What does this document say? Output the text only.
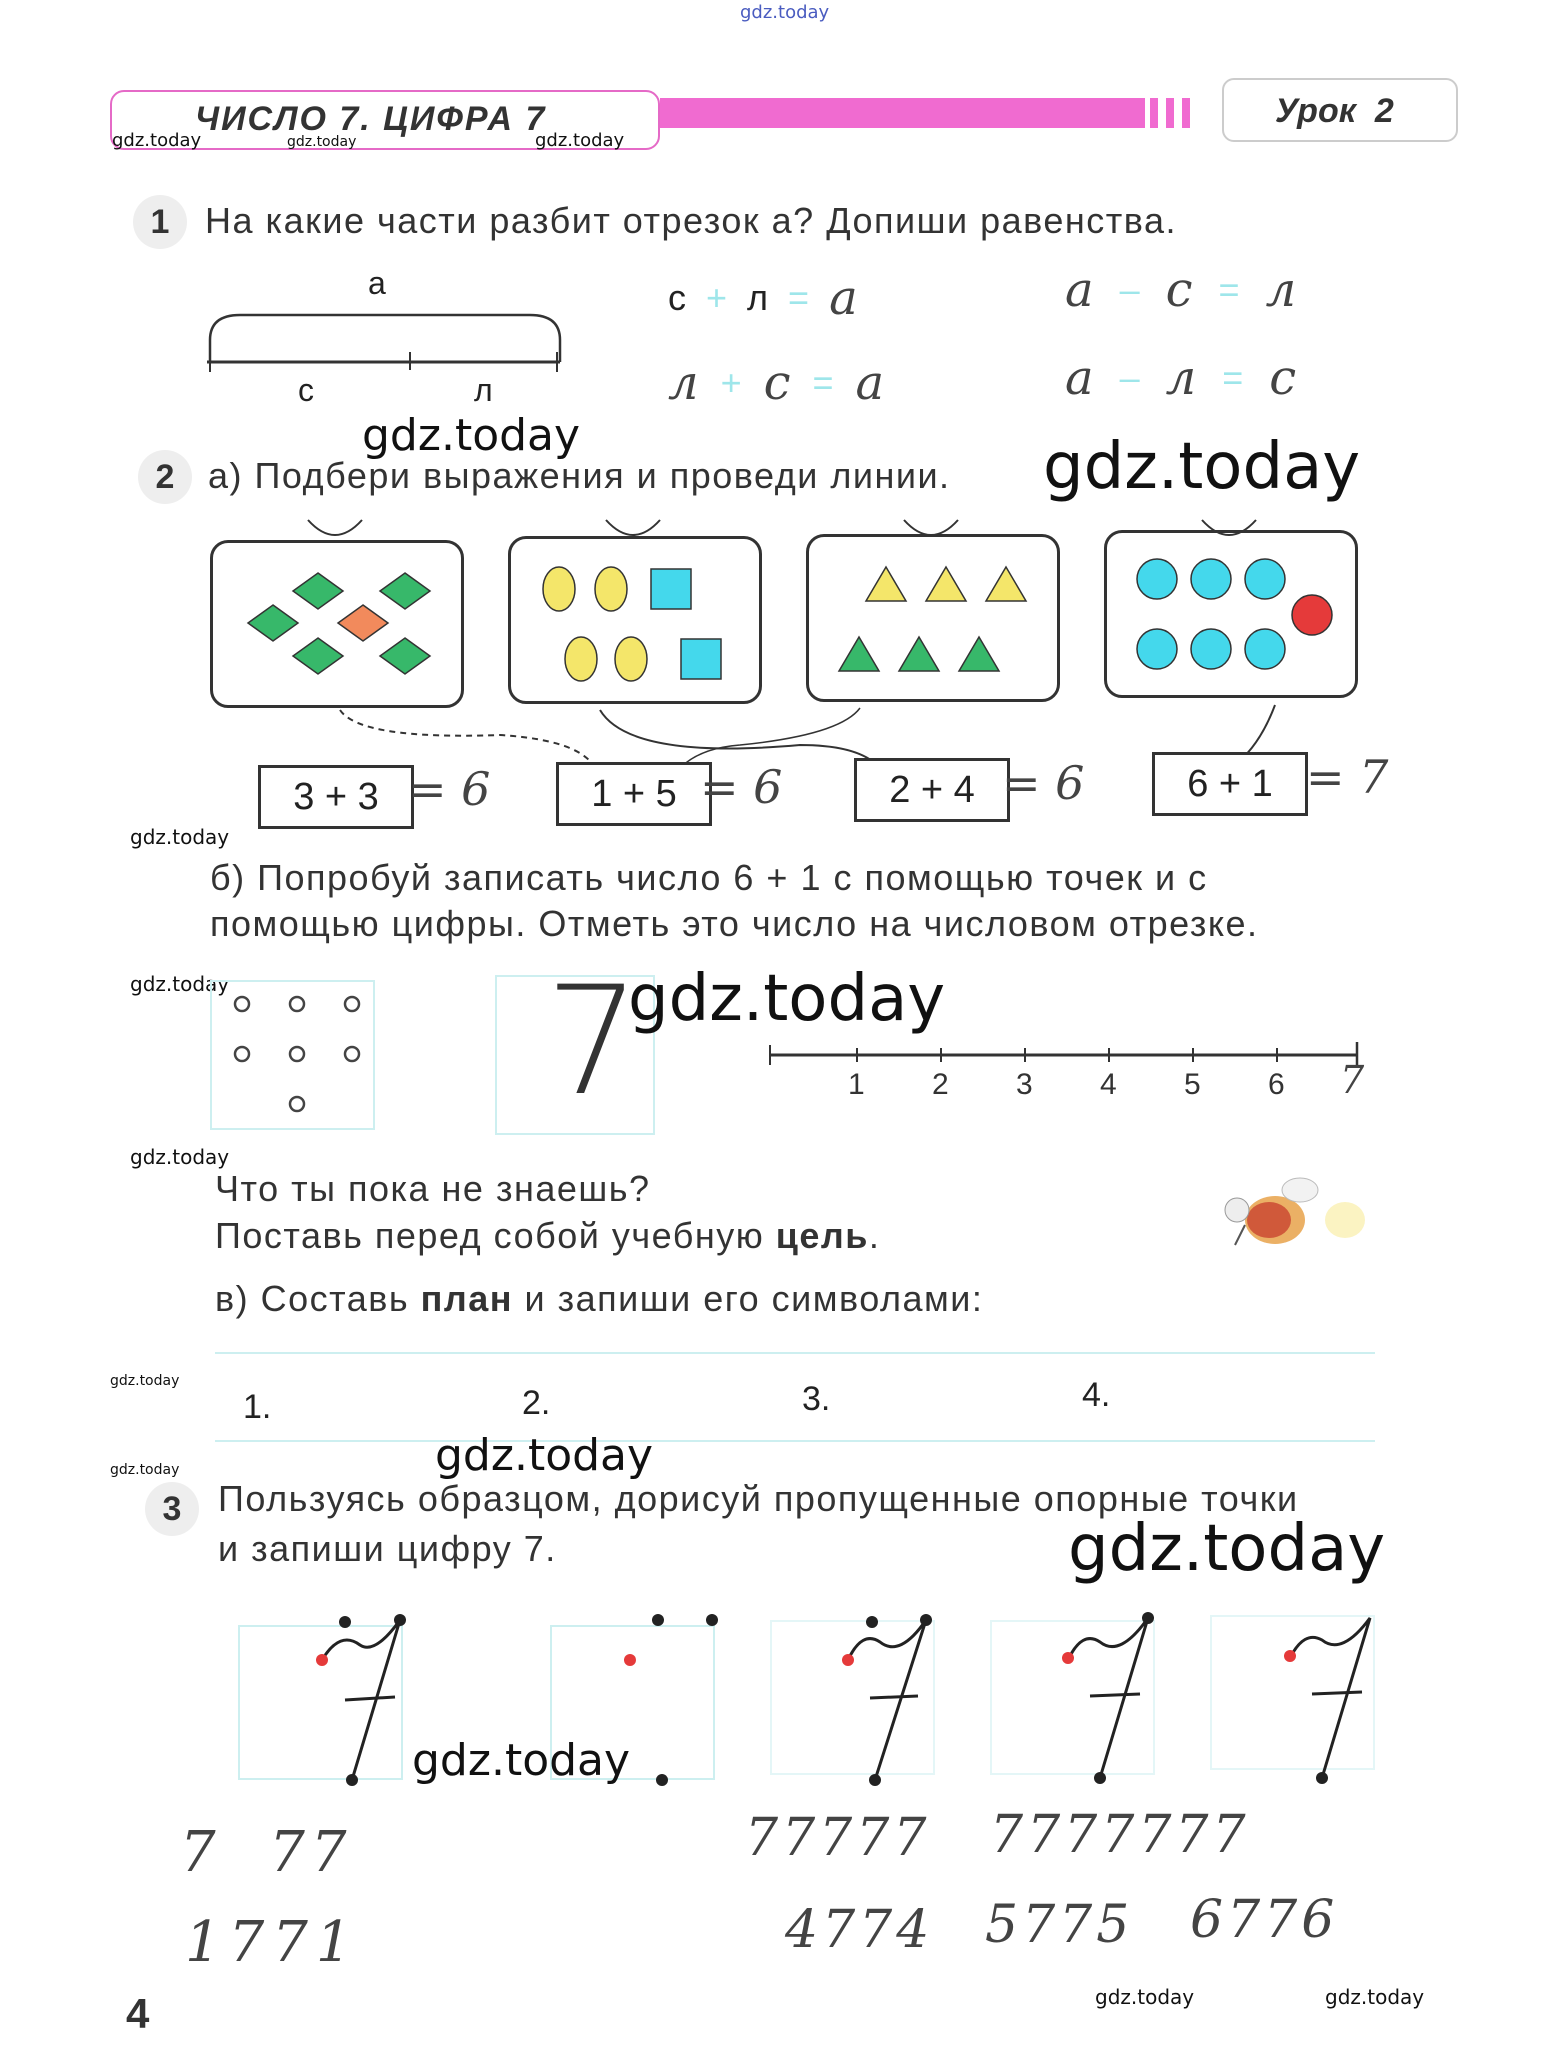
gdz.today
ЧИСЛО 7. ЦИФРА 7	Урок  2
gdz.today	gdz.today	gdz.today
1 На какие части разбит отрезок а? Допиши равенства.
а
с	л
с + л = а	а – с = л
л + с = а	а – л = с
gdz.today
2 а) Подбери выражения и проведи линии. gdz.today
3 + 3 = 6	1 + 5 = 6	2 + 4 = 6	6 + 1 = 7
gdz.today
б) Попробуй записать число 6 + 1 с помощью точек и с
помощью цифры. Отметь это число на числовом отрезке.
gdz.today 7
gdz.today
1 2 3 4 5 6 7
gdz.today
Что ты пока не знаешь?
Поставь перед собой учебную цель.
в) Составь план и запиши его символами:
gdz.today
1.	2.	3.	4.
gdz.today
gdz.today
3	Пользуясь образцом, дорисуй пропущенные опорные точки
и запиши цифру 7.	gdz.today
gdz.today
7  77	77777 7777777
1771	4774 5775 6776
4	gdz.today	gdz.today
